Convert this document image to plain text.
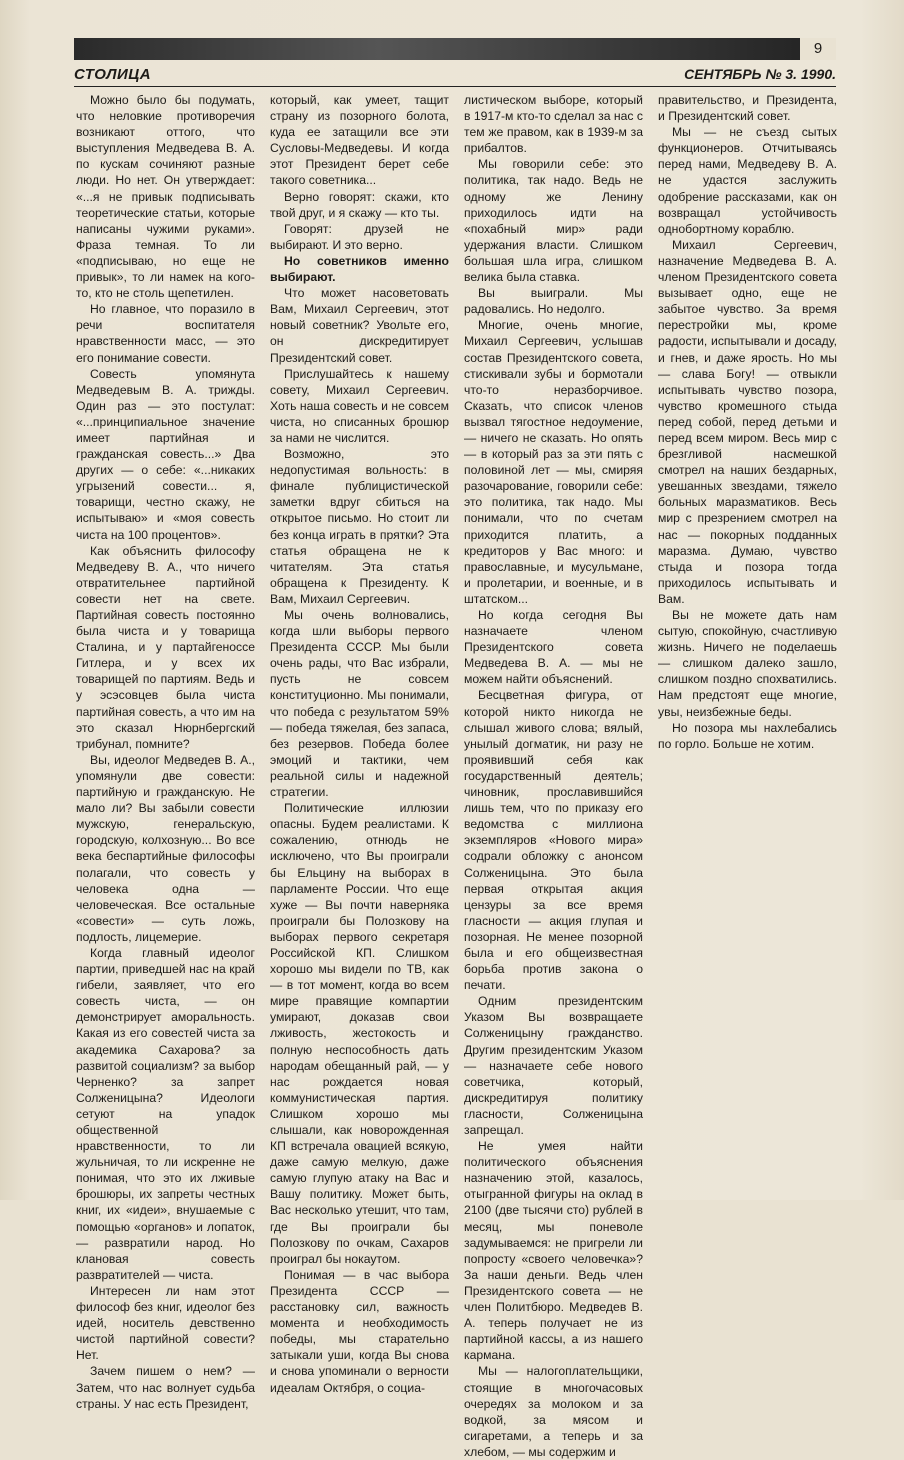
9
СТОЛИЦА	СЕНТЯБРЬ № 3. 1990.

Можно было бы подумать, что неловкие противоречия возникают оттого, что выступления Медведева В. А. по кускам сочиняют разные люди. Но нет. Он утверждает: «...я не привык подписывать теоретические статьи, которые написаны чужими руками». Фраза темная. То ли «подписываю, но еще не привык», то ли намек на кого-то, кто не столь щепетилен.

Но главное, что поразило в речи воспитателя нравственности масс, — это его понимание совести.

Совесть упомянута Медведевым В. А. трижды. Один раз — это постулат: «...принципиальное значение имеет партийная и гражданская совесть...» Два других — о себе: «...никаких угрызений совести... я, товарищи, честно скажу, не испытываю» и «моя совесть чиста на 100 процентов».

Как объяснить философу Медведеву В. А., что ничего отвратительнее партийной совести нет на свете. Партийная совесть постоянно была чиста и у товарища Сталина, и у партайгеноссе Гитлера, и у всех их товарищей по партиям. Ведь и у эсэсовцев была чиста партийная совесть, а что им на это сказал Нюрнбергский трибунал, помните?

Вы, идеолог Медведев В. А., упомянули две совести: партийную и гражданскую. Не мало ли? Вы забыли совести мужскую, генеральскую, городскую, колхозную... Во все века беспартийные философы полагали, что совесть у человека одна — человеческая. Все остальные «совести» — суть ложь, подлость, лицемерие.

Когда главный идеолог партии, приведшей нас на край гибели, заявляет, что его совесть чиста, — он демонстрирует аморальность. Какая из его совестей чиста за академика Сахарова? за развитой социализм? за выбор Черненко? за запрет Солженицына? Идеологи сетуют на упадок общественной нравственности, то ли жульничая, то ли искренне не понимая, что это их лживые брошюры, их запреты честных книг, их «идеи», внушаемые с помощью «органов» и лопаток, — развратили народ. Но клановая совесть развратителей — чиста.

Интересен ли нам этот философ без книг, идеолог без идей, носитель девственно чистой партийной совести? Нет.

Зачем пишем о нем? — Затем, что нас волнует судьба страны. У нас есть Президент,

который, как умеет, тащит страну из позорного болота, куда ее затащили все эти Сусловы-Медведевы. И когда этот Президент берет себе такого советника...

Верно говорят: скажи, кто твой друг, и я скажу — кто ты.

Говорят: друзей не выбирают. И это верно.

Но советников именно выбирают.

Что может насоветовать Вам, Михаил Сергеевич, этот новый советник? Увольте его, он дискредитирует Президентский совет.

Прислушайтесь к нашему совету, Михаил Сергеевич. Хоть наша совесть и не совсем чиста, но списанных брошюр за нами не числится.

Возможно, это недопустимая вольность: в финале публицистической заметки вдруг сбиться на открытое письмо. Но стоит ли без конца играть в прятки? Эта статья обращена не к читателям. Эта статья обращена к Президенту. К Вам, Михаил Сергеевич.

Мы очень волновались, когда шли выборы первого Президента СССР. Мы были очень рады, что Вас избрали, пусть не совсем конституционно. Мы понимали, что победа с результатом 59% — победа тяжелая, без запаса, без резервов. Победа более эмоций и тактики, чем реальной силы и надежной стратегии.

Политические иллюзии опасны. Будем реалистами. К сожалению, отнюдь не исключено, что Вы проиграли бы Ельцину на выборах в парламенте России. Что еще хуже — Вы почти наверняка проиграли бы Полозкову на выборах первого секретаря Российской КП. Слишком хорошо мы видели по ТВ, как — в тот момент, когда во всем мире правящие компартии умирают, доказав свои лживость, жестокость и полную неспособность дать народам обещанный рай, — у нас рождается новая коммунистическая партия. Слишком хорошо мы слышали, как новорожденная КП встречала овацией всякую, даже самую мелкую, даже самую глупую атаку на Вас и Вашу политику. Может быть, Вас несколько утешит, что там, где Вы проиграли бы Полозкову по очкам, Сахаров проиграл бы нокаутом.

Понимая — в час выбора Президента СССР — расстановку сил, важность момента и необходимость победы, мы старательно затыкали уши, когда Вы снова и снова упоминали о верности идеалам Октября, о социа-

листическом выборе, который в 1917-м кто-то сделал за нас с тем же правом, как в 1939-м за прибалтов.

Мы говорили себе: это политика, так надо. Ведь не одному же Ленину приходилось идти на «похабный мир» ради удержания власти. Слишком большая шла игра, слишком велика была ставка.

Вы выиграли. Мы радовались. Но недолго.

Многие, очень многие, Михаил Сергеевич, услышав состав Президентского совета, стискивали зубы и бормотали что-то неразборчивое. Сказать, что список членов вызвал тягостное недоумение, — ничего не сказать. Но опять — в который раз за эти пять с половиной лет — мы, смиряя разочарование, говорили себе: это политика, так надо. Мы понимали, что по счетам приходится платить, а кредиторов у Вас много: и православные, и мусульмане, и пролетарии, и военные, и в штатском...

Но когда сегодня Вы назначаете членом Президентского совета Медведева В. А. — мы не можем найти объяснений.

Бесцветная фигура, от которой никто никогда не слышал живого слова; вялый, унылый догматик, ни разу не проявивший себя как государственный деятель; чиновник, прославившийся лишь тем, что по приказу его ведомства с миллиона экземпляров «Нового мира» содрали обложку с анонсом Солженицына. Это была первая открытая акция цензуры за все время гласности — акция глупая и позорная. Не менее позорной была и его общеизвестная борьба против закона о печати.

Одним президентским Указом Вы возвращаете Солженицыну гражданство. Другим президентским Указом — назначаете себе нового советчика, который, дискредитируя политику гласности, Солженицына запрещал.

Не умея найти политического объяснения назначению этой, казалось, отыгранной фигуры на оклад в 2100 (две тысячи сто) рублей в месяц, мы поневоле задумываемся: не пригрели ли попросту «своего человечка»? За наши деньги. Ведь член Президентского совета — не член Политбюро. Медведев В. А. теперь получает не из партийной кассы, а из нашего кармана.

Мы — налогоплательщики, стоящие в многочасовых очередях за молоком и за водкой, за мясом и сигаретами, а теперь и за хлебом, — мы содержим и

правительство, и Президента, и Президентский совет.

Мы — не съезд сытых функционеров. Отчитываясь перед нами, Медведеву В. А. не удастся заслужить одобрение рассказами, как он возвращал устойчивость однобортному кораблю.

Михаил Сергеевич, назначение Медведева В. А. членом Президентского совета вызывает одно, еще не забытое чувство. За время перестройки мы, кроме радости, испытывали и досаду, и гнев, и даже ярость. Но мы — слава Богу! — отвыкли испытывать чувство позора, чувство кромешного стыда перед собой, перед детьми и перед всем миром. Весь мир с брезгливой насмешкой смотрел на наших бездарных, увешанных звездами, тяжело больных маразматиков. Весь мир с презрением смотрел на нас — покорных подданных маразма. Думаю, чувство стыда и позора тогда приходилось испытывать и Вам.

Вы не можете дать нам сытую, спокойную, счастливую жизнь. Ничего не поделаешь — слишком далеко зашло, слишком поздно спохватились. Нам предстоят еще многие, увы, неизбежные беды.

Но позора мы нахлебались по горло. Больше не хотим.
